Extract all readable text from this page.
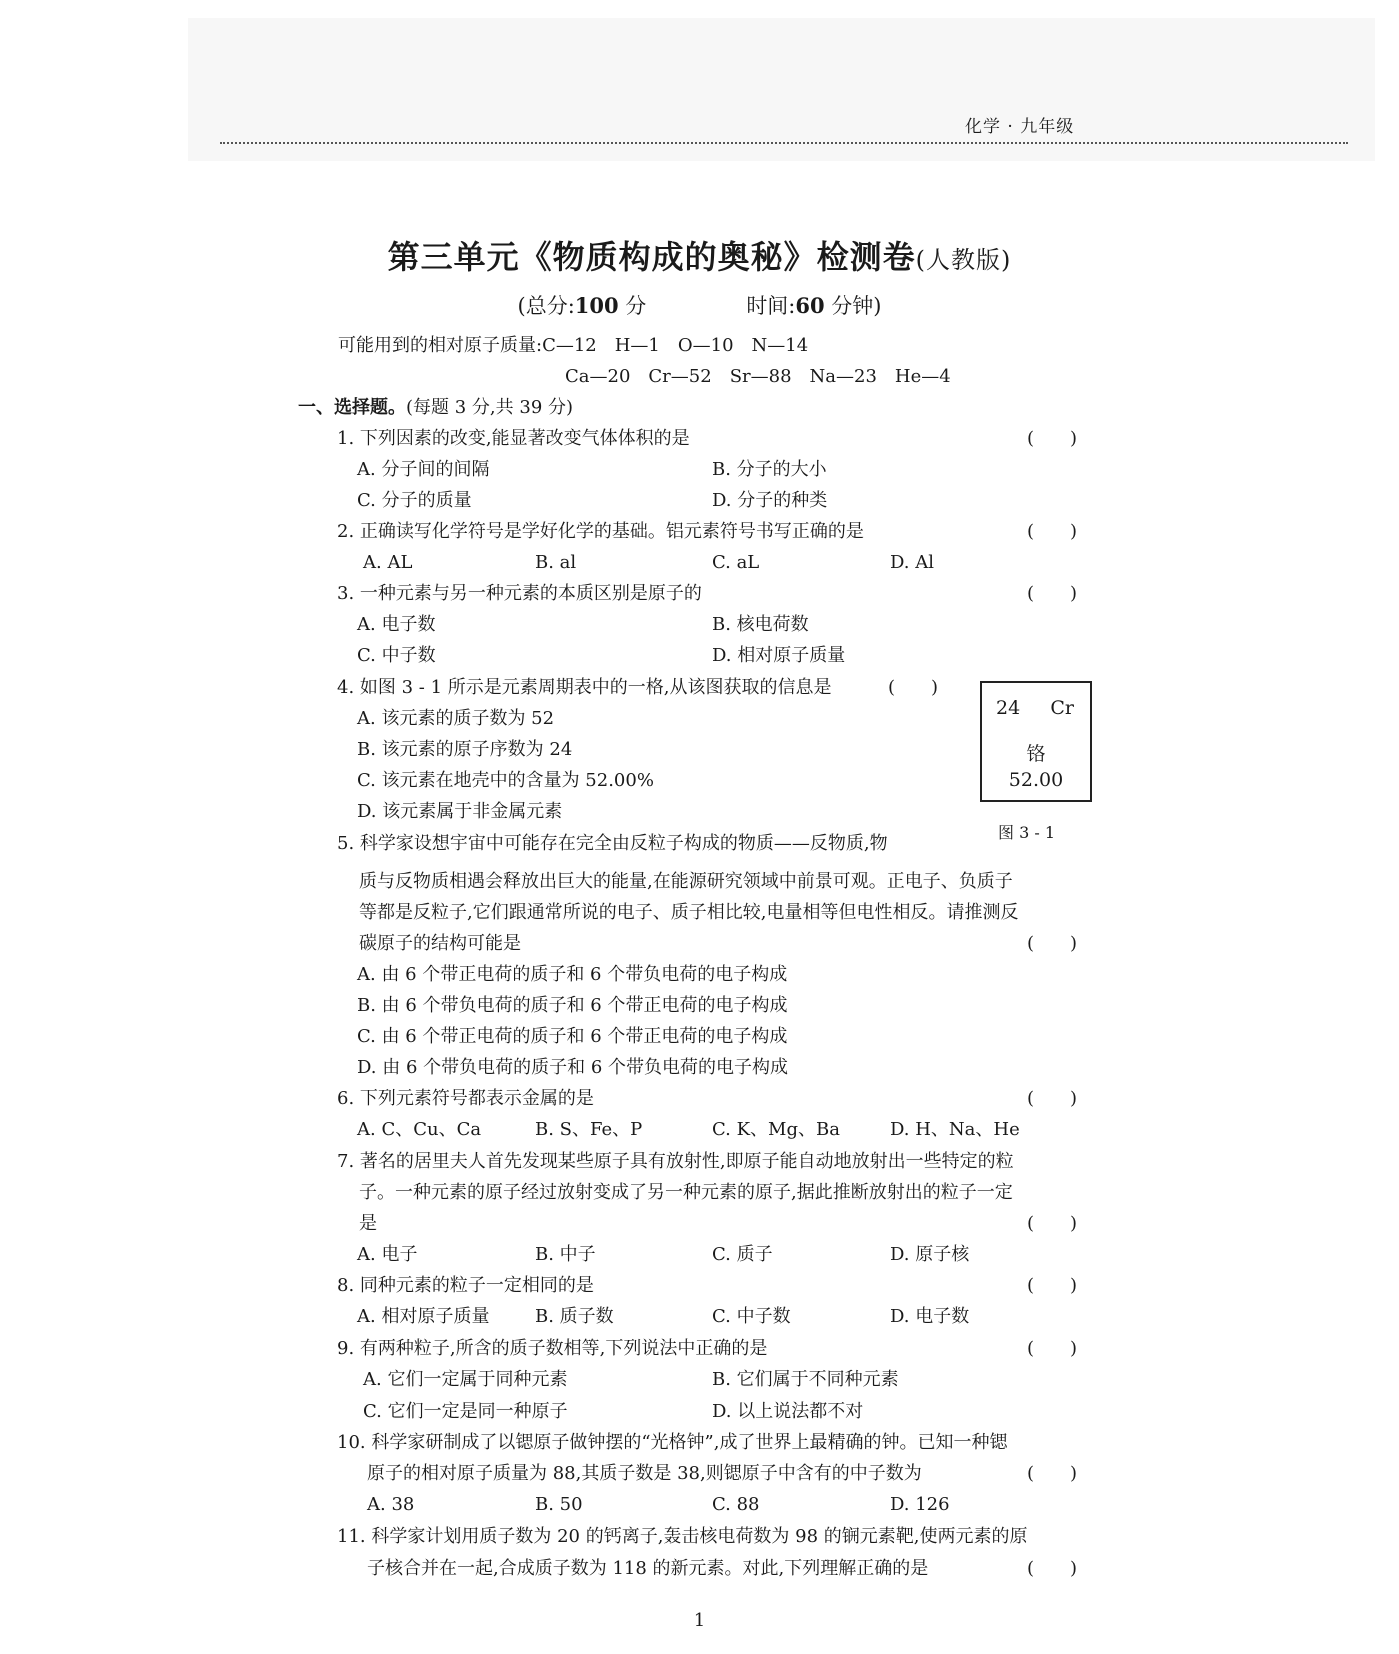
化学 · 九年级
第三单元《物质构成的奥秘》检测卷(人教版)
(总分:100 分	时间:60 分钟)
可能用到的相对原子质量:C—12　H—1　O—10　N—14
Ca—20　Cr—52　Sr—88　Na—23　He—4
一、选择题。(每题 3 分,共 39 分)
1. 下列因素的改变,能显著改变气体体积的是	(　　)
A. 分子间的间隔	B. 分子的大小
C. 分子的质量	D. 分子的种类
2. 正确读写化学符号是学好化学的基础。铝元素符号书写正确的是	(　　)
A. AL	B. al	C. aL	D. Al
3. 一种元素与另一种元素的本质区别是原子的	(　　)
A. 电子数	B. 核电荷数
C. 中子数	D. 相对原子质量
4. 如图 3 - 1 所示是元素周期表中的一格,从该图获取的信息是	(　　)
A. 该元素的质子数为 52
B. 该元素的原子序数为 24
C. 该元素在地壳中的含量为 52.00%
D. 该元素属于非金属元素
24 Cr
铬
52.00
图 3 - 1
5. 科学家设想宇宙中可能存在完全由反粒子构成的物质——反物质,物
质与反物质相遇会释放出巨大的能量,在能源研究领域中前景可观。正电子、负质子
等都是反粒子,它们跟通常所说的电子、质子相比较,电量相等但电性相反。请推测反
碳原子的结构可能是	(　　)
A. 由 6 个带正电荷的质子和 6 个带负电荷的电子构成
B. 由 6 个带负电荷的质子和 6 个带正电荷的电子构成
C. 由 6 个带正电荷的质子和 6 个带正电荷的电子构成
D. 由 6 个带负电荷的质子和 6 个带负电荷的电子构成
6. 下列元素符号都表示金属的是	(　　)
A. C、Cu、Ca	B. S、Fe、P	C. K、Mg、Ba	D. H、Na、He
7. 著名的居里夫人首先发现某些原子具有放射性,即原子能自动地放射出一些特定的粒
子。一种元素的原子经过放射变成了另一种元素的原子,据此推断放射出的粒子一定
是	(　　)
A. 电子	B. 中子	C. 质子	D. 原子核
8. 同种元素的粒子一定相同的是	(　　)
A. 相对原子质量	B. 质子数	C. 中子数	D. 电子数
9. 有两种粒子,所含的质子数相等,下列说法中正确的是	(　　)
A. 它们一定属于同种元素	B. 它们属于不同种元素
C. 它们一定是同一种原子	D. 以上说法都不对
10. 科学家研制成了以锶原子做钟摆的“光格钟”,成了世界上最精确的钟。已知一种锶
原子的相对原子质量为 88,其质子数是 38,则锶原子中含有的中子数为	(　　)
A. 38	B. 50	C. 88	D. 126
11. 科学家计划用质子数为 20 的钙离子,轰击核电荷数为 98 的锎元素靶,使两元素的原
子核合并在一起,合成质子数为 118 的新元素。对此,下列理解正确的是	(　　)
1
